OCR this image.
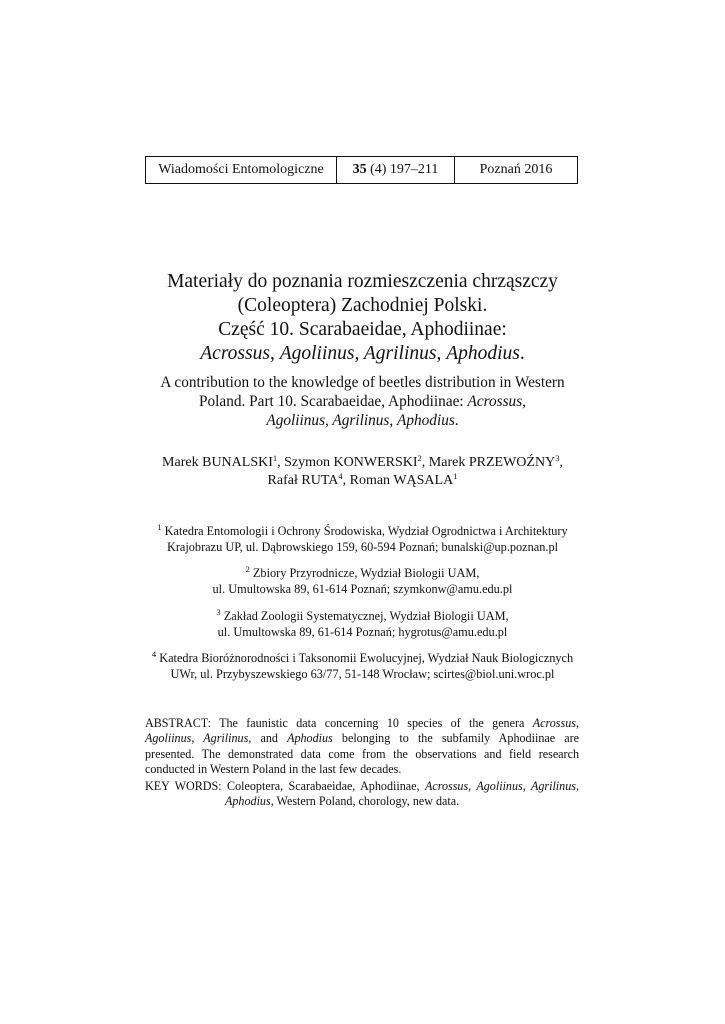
Wiadomości Entomologiczne	35 (4) 197–211	Poznań 2016
Materiały do poznania rozmieszczenia chrząszczy
(Coleoptera) Zachodniej Polski.
Część 10. Scarabaeidae, Aphodiinae:
Acrossus, Agoliinus, Agrilinus, Aphodius.
A contribution to the knowledge of beetles distribution in Western
Poland. Part 10. Scarabaeidae, Aphodiinae: Acrossus,
Agoliinus, Agrilinus, Aphodius.
Marek BUNALSKI$^1$, Szymon KONWERSKI$^2$, Marek PRZEWOŹNY$^3$,
Rafał RUTA$^4$, Roman WĄSALA$^1$
$^1$ Katedra Entomologii i Ochrony Środowiska, Wydział Ogrodnictwa i Architektury
Krajobrazu UP, ul. Dąbrowskiego 159, 60-594 Poznań; bunalski@up.poznan.pl
$^2$ Zbiory Przyrodnicze, Wydział Biologii UAM,
ul. Umultowska 89, 61-614 Poznań; szymkonw@amu.edu.pl
$^3$ Zakład Zoologii Systematycznej, Wydział Biologii UAM,
ul. Umultowska 89, 61-614 Poznań; hygrotus@amu.edu.pl
$^4$ Katedra Bioróżnorodności i Taksonomii Ewolucyjnej, Wydział Nauk Biologicznych
UWr, ul. Przybyszewskiego 63/77, 51-148 Wrocław; scirtes@biol.uni.wroc.pl
ABSTRACT: The faunistic data concerning 10 species of the genera Acrossus,
Agoliinus, Agrilinus, and Aphodius belonging to the subfamily Aphodiinae are
presented. The demonstrated data come from the observations and field research
conducted in Western Poland in the last few decades.
KEY WORDS: Coleoptera, Scarabaeidae, Aphodiinae, Acrossus, Agoliinus, Agrilinus,
Aphodius, Western Poland, chorology, new data.
